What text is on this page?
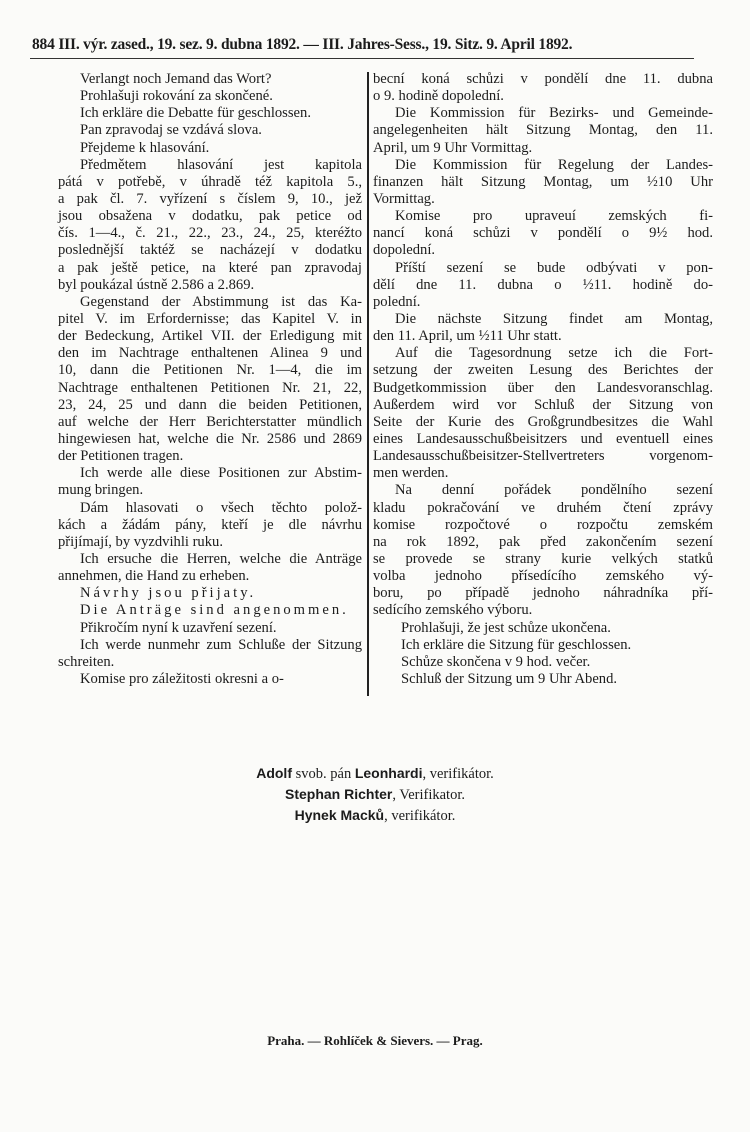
884 III. výr. zased., 19. sez. 9. dubna 1892. — III. Jahres-Sess., 19. Sitz. 9. April 1892.
Verlangt noch Jemand das Wort?
Prohlašuji rokování za skončené.
Ich erkläre die Debatte für geschlossen.
Pan zpravodaj se vzdává slova.
Přejdeme k hlasování.
Předmětem hlasování jest kapitola
pátá v potřebě, v úhradě též kapitola 5.,
a pak čl. 7. vyřízení s číslem 9, 10., jež
jsou obsažena v dodatku, pak petice od
čís. 1—4., č. 21., 22., 23., 24., 25, kteréžto
poslednější taktéž se nacházejí v dodatku
a pak ještě petice, na které pan zpravodaj
byl poukázal ústně 2.586 a 2.869.
Gegenstand der Abstimmung ist das Ka-
pitel V. im Erfordernisse; das Kapitel V. in
der Bedeckung, Artikel VII. der Erledigung mit
den im Nachtrage enthaltenen Alinea 9 und
10, dann die Petitionen Nr. 1—4, die im
Nachtrage enthaltenen Petitionen Nr. 21, 22,
23, 24, 25 und dann die beiden Petitionen,
auf welche der Herr Berichterstatter mündlich
hingewiesen hat, welche die Nr. 2586 und 2869
der Petitionen tragen.
Ich werde alle diese Positionen zur Abstim-
mung bringen.
Dám hlasovati o všech těchto polož-
kách a žádám pány, kteří je dle návrhu
přijímají, by vyzdvihli ruku.
Ich ersuche die Herren, welche die Anträge
annehmen, die Hand zu erheben.
Návrhy jsou přijaty.
Die Anträge sind angenommen.
Přikročím nyní k uzavření sezení.
Ich werde nunmehr zum Schluße der Sitzung
schreiten.
Komise pro záležitosti okresni a o-
becní koná schůzi v pondělí dne 11. dubna
o 9. hodině dopolední.
Die Kommission für Bezirks- und Gemeinde-
angelegenheiten hält Sitzung Montag, den 11.
April, um 9 Uhr Vormittag.
Die Kommission für Regelung der Landes-
finanzen hält Sitzung Montag, um ½10 Uhr
Vormittag.
Komise pro upraveuí zemských fi-
nancí koná schůzi v pondělí o 9½ hod.
dopolední.
Příští sezení se bude odbývati v pon-
dělí dne 11. dubna o ½11. hodině do-
polední.
Die nächste Sitzung findet am Montag,
den 11. April, um ½11 Uhr statt.
Auf die Tagesordnung setze ich die Fort-
setzung der zweiten Lesung des Berichtes der
Budgetkommission über den Landesvoranschlag.
Außerdem wird vor Schluß der Sitzung von
Seite der Kurie des Großgrundbesitzes die Wahl
eines Landesausschußbeisitzers und eventuell eines
Landesausschußbeisitzer-Stellvertreters vorgenom-
men werden.
Na denní pořádek pondělního sezení
kladu pokračování ve druhém čtení zprávy
komise rozpočtové o rozpočtu zemském
na rok 1892, pak před zakončením sezení
se provede se strany kurie velkých statků
volba jednoho přísedícího zemského vý-
boru, po případě jednoho náhradníka pří-
sedícího zemského výboru.
Prohlašuji, že jest schůze ukončena.
Ich erkläre die Sitzung für geschlossen.
Schůze skončena v 9 hod. večer.
Schluß der Sitzung um 9 Uhr Abend.
Adolf svob. pán Leonhardi, verifikátor.
Stephan Richter, Verifikator.
Hynek Macků, verifikátor.
Praha. — Rohlíček & Sievers. — Prag.
